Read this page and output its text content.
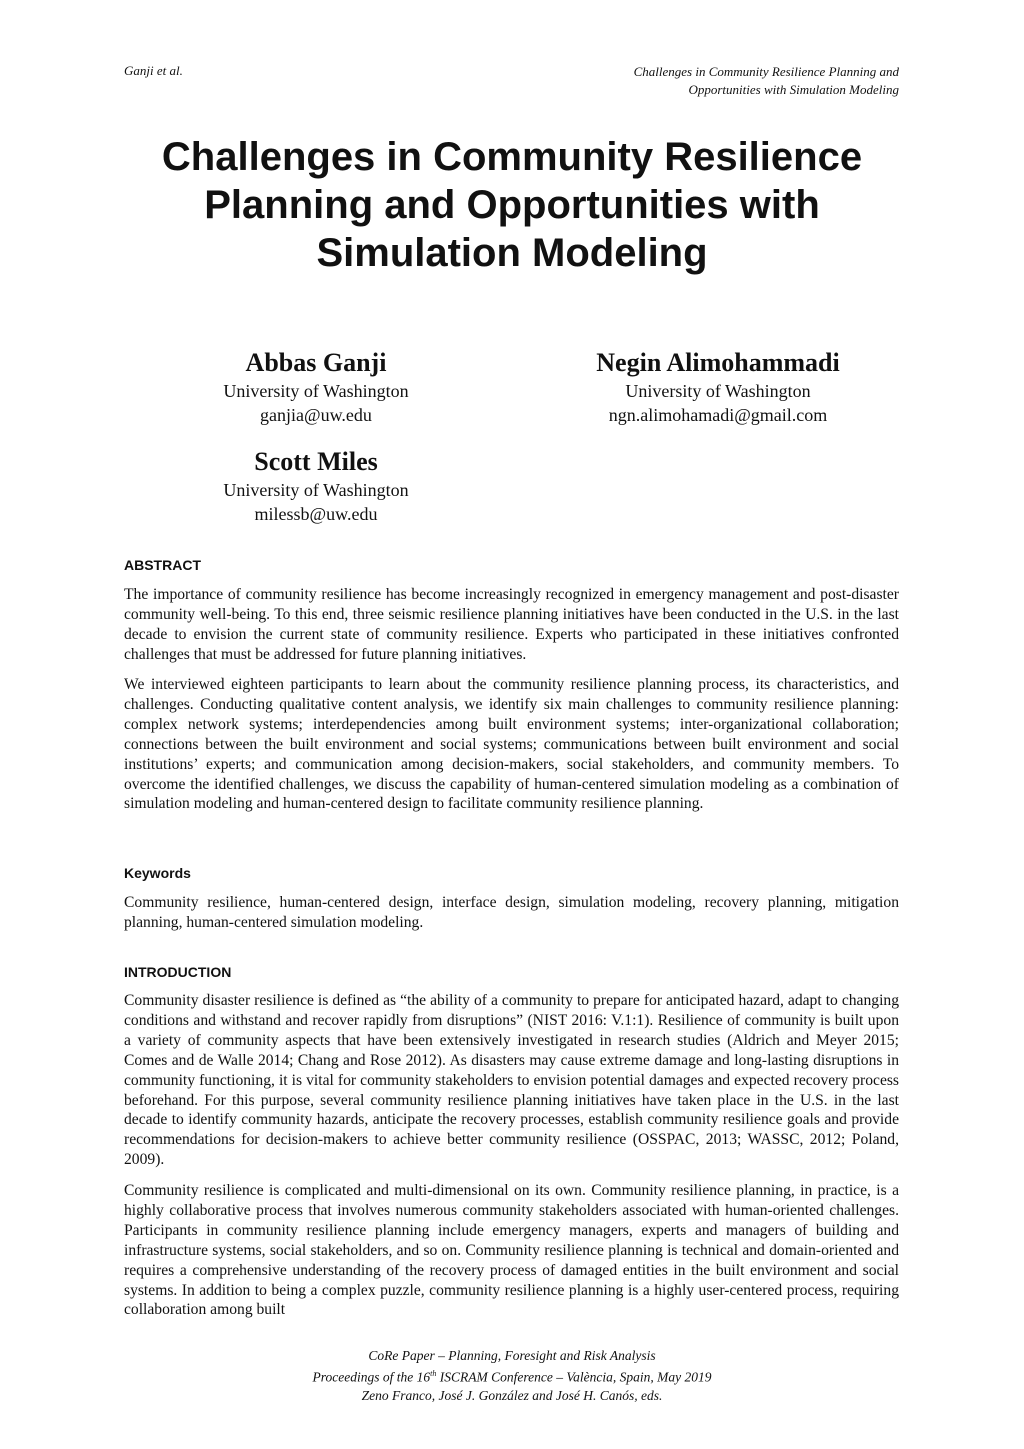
Ganji et al.	Challenges in Community Resilience Planning and
Opportunities with Simulation Modeling
Challenges in Community Resilience
Planning and Opportunities with
Simulation Modeling
Abbas Ganji
University of Washington
ganjia@uw.edu
Negin Alimohammadi
University of Washington
ngn.alimohamadi@gmail.com
Scott Miles
University of Washington
milessb@uw.edu
ABSTRACT

The importance of community resilience has become increasingly recognized in emergency management and post-disaster community well-being. To this end, three seismic resilience planning initiatives have been conducted in the U.S. in the last decade to envision the current state of community resilience. Experts who participated in these initiatives confronted challenges that must be addressed for future planning initiatives.

We interviewed eighteen participants to learn about the community resilience planning process, its characteristics, and challenges. Conducting qualitative content analysis, we identify six main challenges to community resilience planning: complex network systems; interdependencies among built environment systems; inter-organizational collaboration; connections between the built environment and social systems; communications between built environment and social institutions’ experts; and communication among decision-makers, social stakeholders, and community members. To overcome the identified challenges, we discuss the capability of human-centered simulation modeling as a combination of simulation modeling and human-centered design to facilitate community resilience planning.

Keywords

Community resilience, human-centered design, interface design, simulation modeling, recovery planning, mitigation planning, human-centered simulation modeling.

INTRODUCTION

Community disaster resilience is defined as “the ability of a community to prepare for anticipated hazard, adapt to changing conditions and withstand and recover rapidly from disruptions” (NIST 2016: V.1:1). Resilience of community is built upon a variety of community aspects that have been extensively investigated in research studies (Aldrich and Meyer 2015; Comes and de Walle 2014; Chang and Rose 2012). As disasters may cause extreme damage and long-lasting disruptions in community functioning, it is vital for community stakeholders to envision potential damages and expected recovery process beforehand. For this purpose, several community resilience planning initiatives have taken place in the U.S. in the last decade to identify community hazards, anticipate the recovery processes, establish community resilience goals and provide recommendations for decision-makers to achieve better community resilience (OSSPAC, 2013; WASSC, 2012; Poland, 2009).

Community resilience is complicated and multi-dimensional on its own. Community resilience planning, in practice, is a highly collaborative process that involves numerous community stakeholders associated with human-oriented challenges. Participants in community resilience planning include emergency managers, experts and managers of building and infrastructure systems, social stakeholders, and so on. Community resilience planning is technical and domain-oriented and requires a comprehensive understanding of the recovery process of damaged entities in the built environment and social systems. In addition to being a complex puzzle, community resilience planning is a highly user-centered process, requiring collaboration among built

CoRe Paper – Planning, Foresight and Risk Analysis
Proceedings of the 16th ISCRAM Conference – València, Spain, May 2019
Zeno Franco, José J. González and José H. Canós, eds.
